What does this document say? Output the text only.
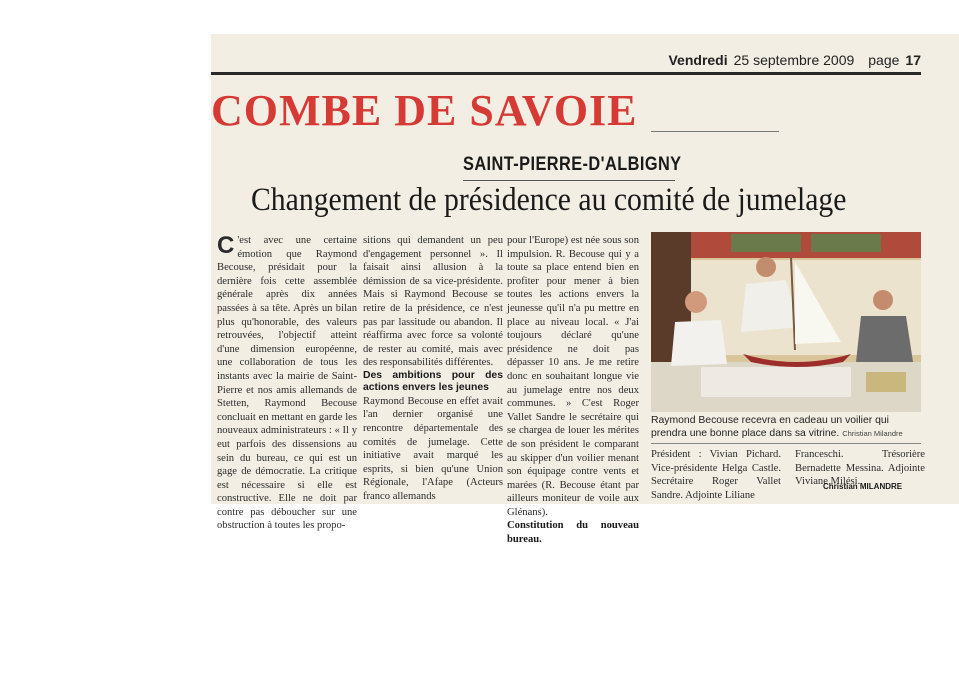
Vendredi 25 septembre 2009 page 17
COMBE DE SAVOIE
SAINT-PIERRE-D'ALBIGNY
Changement de présidence au comité de jumelage

C 'est avec une certaine émotion que Raymond Becouse, présidait pour la dernière fois cette assemblée générale après dix années passées à sa tête. Après un bilan plus qu'honorable, des valeurs retrouvées, l'objectif atteint d'une dimension européenne, une collaboration de tous les instants avec la mairie de Saint-Pierre et nos amis allemands de Stetten, Raymond Becouse concluait en mettant en garde les nouveaux administrateurs : « Il y eut parfois des dissensions au sein du bureau, ce qui est un gage de démocratie. La critique est nécessaire si elle est constructive. Elle ne doit par contre pas déboucher sur une obstruction à toutes les propo-

sitions qui demandent un peu d'engagement personnel ». Il faisait ainsi allusion à la démission de sa vice-présidente. Mais si Raymond Becouse se retire de la présidence, ce n'est pas par lassitude ou abandon. Il réaffirma avec force sa volonté de rester au comité, mais avec des responsabilités différentes.

Des ambitions pour des actions envers les jeunes

Raymond Becouse en effet avait l'an dernier organisé une rencontre départementale des comités de jumelage. Cette initiative avait marqué les esprits, si bien qu'une Union Régionale, l'Afape (Acteurs franco allemands

pour l'Europe) est née sous son impulsion. R. Becouse qui y a toute sa place entend bien en profiter pour mener à bien toutes les actions envers la jeunesse qu'il n'a pu mettre en place au niveau local. « J'ai toujours déclaré qu'une présidence ne doit pas dépasser 10 ans. Je me retire donc en souhaitant longue vie au jumelage entre nos deux communes. » C'est Roger Vallet Sandre le secrétaire qui se chargea de louer les mérites de son président le comparant au skipper d'un voilier menant son équipage contre vents et marées (R. Becouse étant par ailleurs moniteur de voile aux Glénans).

Constitution du nouveau bureau.

Raymond Becouse recevra en cadeau un voilier qui prendra une bonne place dans sa vitrine. Christian Milandre

Président : Vivian Pichard. Vice-présidente Helga Castle. Secrétaire Roger Vallet Sandre. Adjointe Liliane

Franceschi. Trésorière Bernadette Messina. Adjointe Viviane Milési.

Christian MILANDRE
